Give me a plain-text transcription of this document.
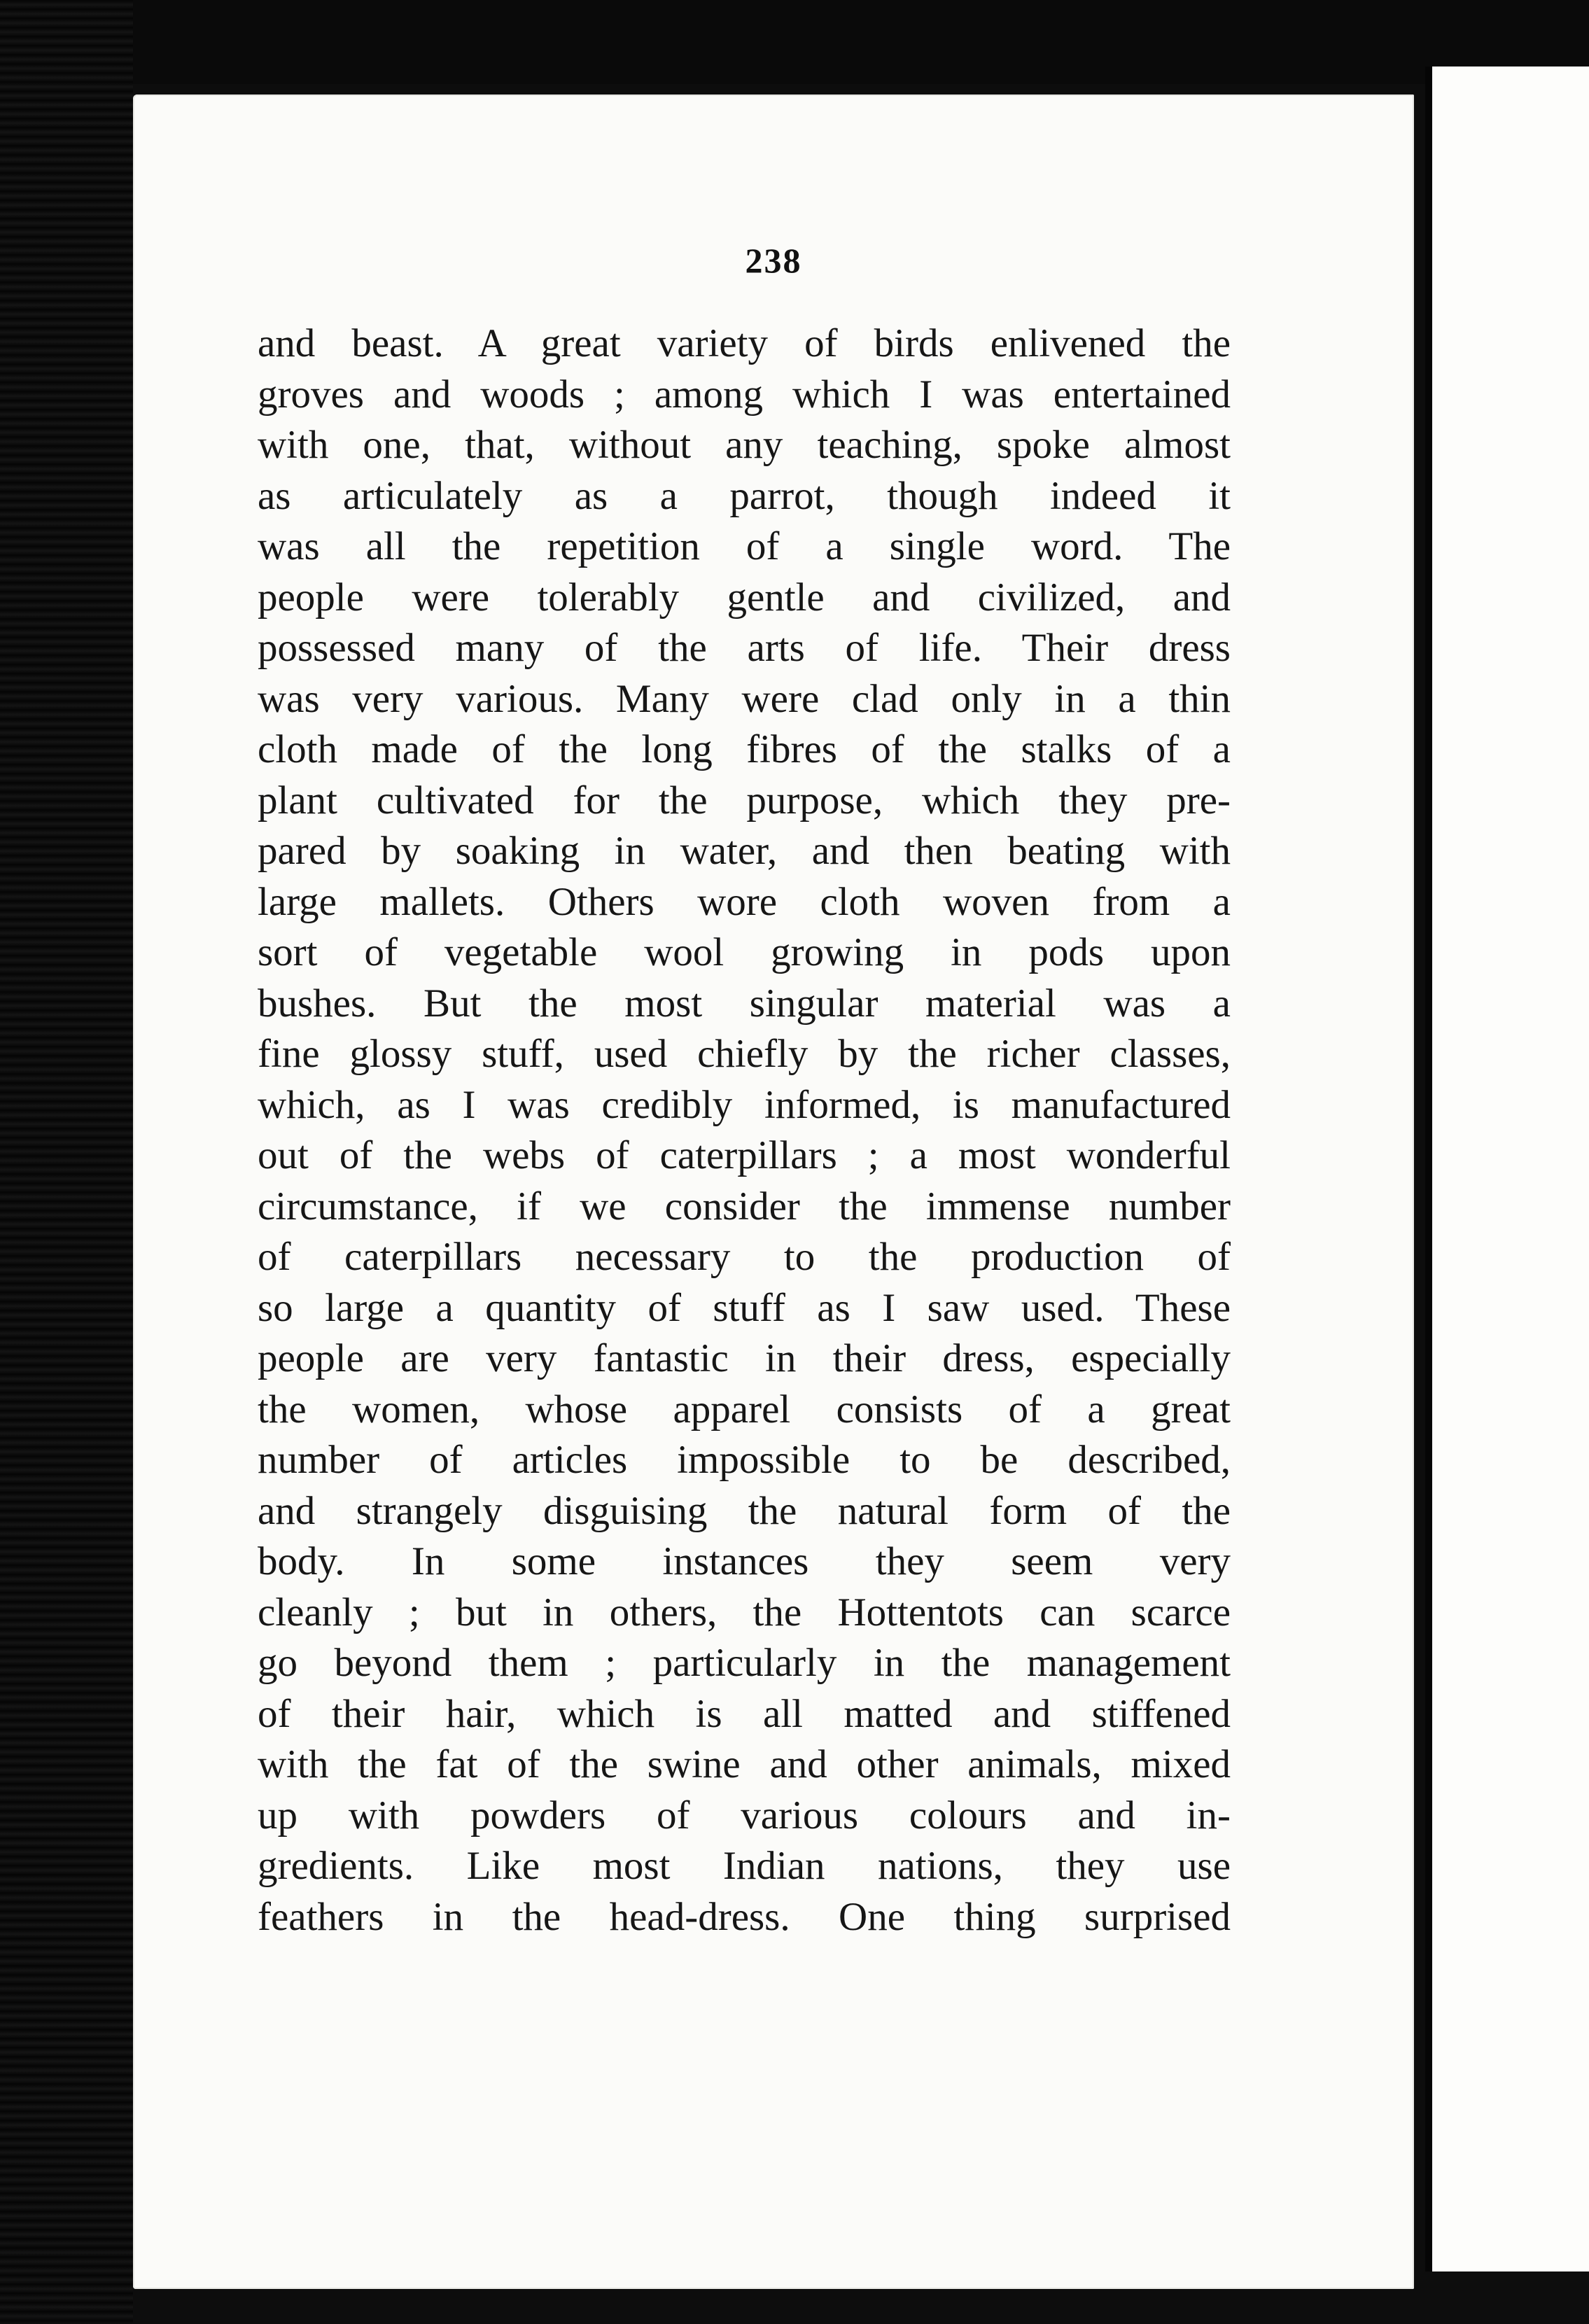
238
and beast. A great variety of birds enlivened the
groves and woods ; among which I was entertained
with one, that, without any teaching, spoke almost
as articulately as a parrot, though indeed it
was all the repetition of a single word. The
people were tolerably gentle and civilized, and
possessed many of the arts of life. Their dress
was very various. Many were clad only in a thin
cloth made of the long fibres of the stalks of a
plant cultivated for the purpose, which they pre-
pared by soaking in water, and then beating with
large mallets. Others wore cloth woven from a
sort of vegetable wool growing in pods upon
bushes. But the most singular material was a
fine glossy stuff, used chiefly by the richer classes,
which, as I was credibly informed, is manufactured
out of the webs of caterpillars ; a most wonderful
circumstance, if we consider the immense number
of caterpillars necessary to the production of
so large a quantity of stuff as I saw used. These
people are very fantastic in their dress, especially
the women, whose apparel consists of a great
number of articles impossible to be described,
and strangely disguising the natural form of the
body. In some instances they seem very
cleanly ; but in others, the Hottentots can scarce
go beyond them ; particularly in the management
of their hair, which is all matted and stiffened
with the fat of the swine and other animals, mixed
up with powders of various colours and in-
gredients. Like most Indian nations, they use
feathers in the head-dress. One thing surprised
